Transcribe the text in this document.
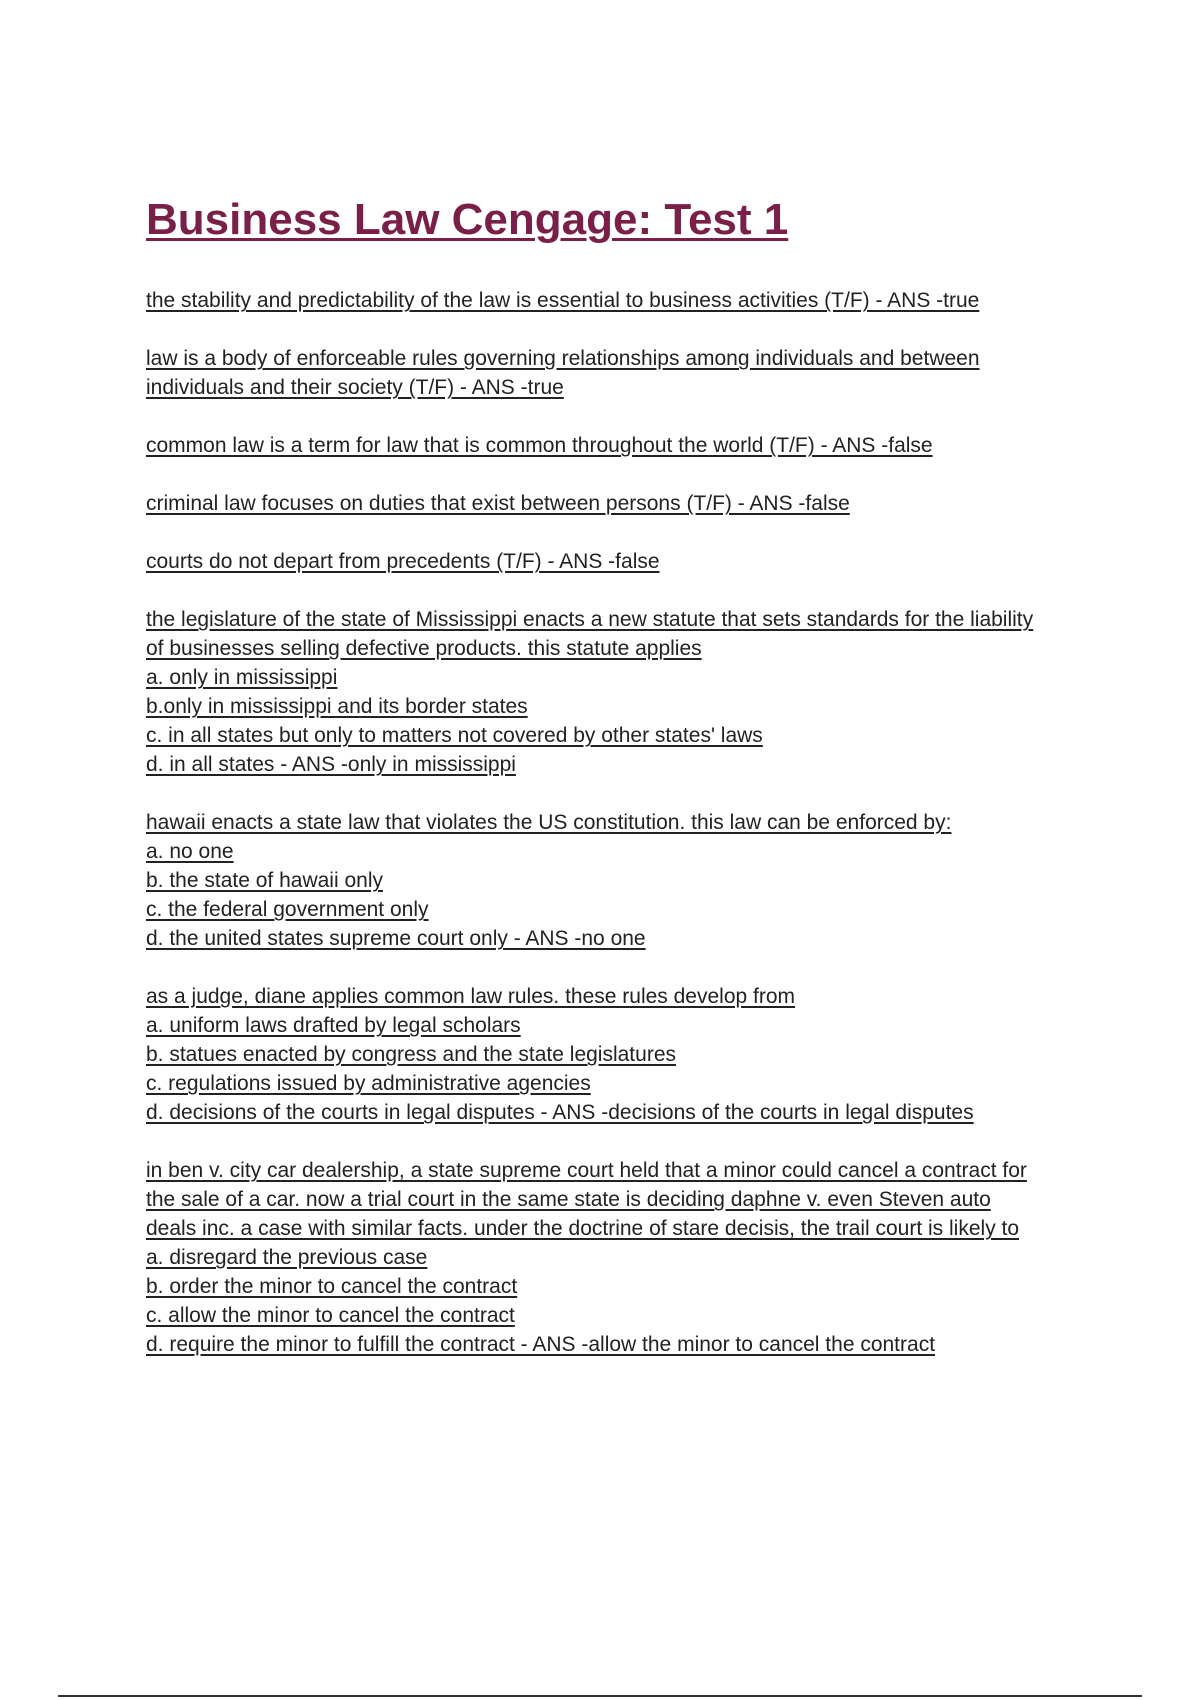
Business Law Cengage: Test 1
the stability and predictability of the law is essential to business activities (T/F) - ANS -true
law is a body of enforceable rules governing relationships among individuals and between
individuals and their society (T/F) - ANS -true
common law is a term for law that is common throughout the world (T/F) - ANS -false
criminal law focuses on duties that exist between persons (T/F) - ANS -false
courts do not depart from precedents (T/F) - ANS -false
the legislature of the state of Mississippi enacts a new statute that sets standards for the liability
of businesses selling defective products. this statute applies
a. only in mississippi
b.only in mississippi and its border states
c. in all states but only to matters not covered by other states' laws
d. in all states - ANS -only in mississippi
hawaii enacts a state law that violates the US constitution. this law can be enforced by:
a. no one
b. the state of hawaii only
c. the federal government only
d. the united states supreme court only - ANS -no one
as a judge, diane applies common law rules. these rules develop from
a. uniform laws drafted by legal scholars
b. statues enacted by congress and the state legislatures
c. regulations issued by administrative agencies
d. decisions of the courts in legal disputes - ANS -decisions of the courts in legal disputes
in ben v. city car dealership, a state supreme court held that a minor could cancel a contract for
the sale of a car. now a trial court in the same state is deciding daphne v. even Steven auto
deals inc. a case with similar facts. under the doctrine of stare decisis, the trail court is likely to
a. disregard the previous case
b. order the minor to cancel the contract
c. allow the minor to cancel the contract
d. require the minor to fulfill the contract - ANS -allow the minor to cancel the contract
